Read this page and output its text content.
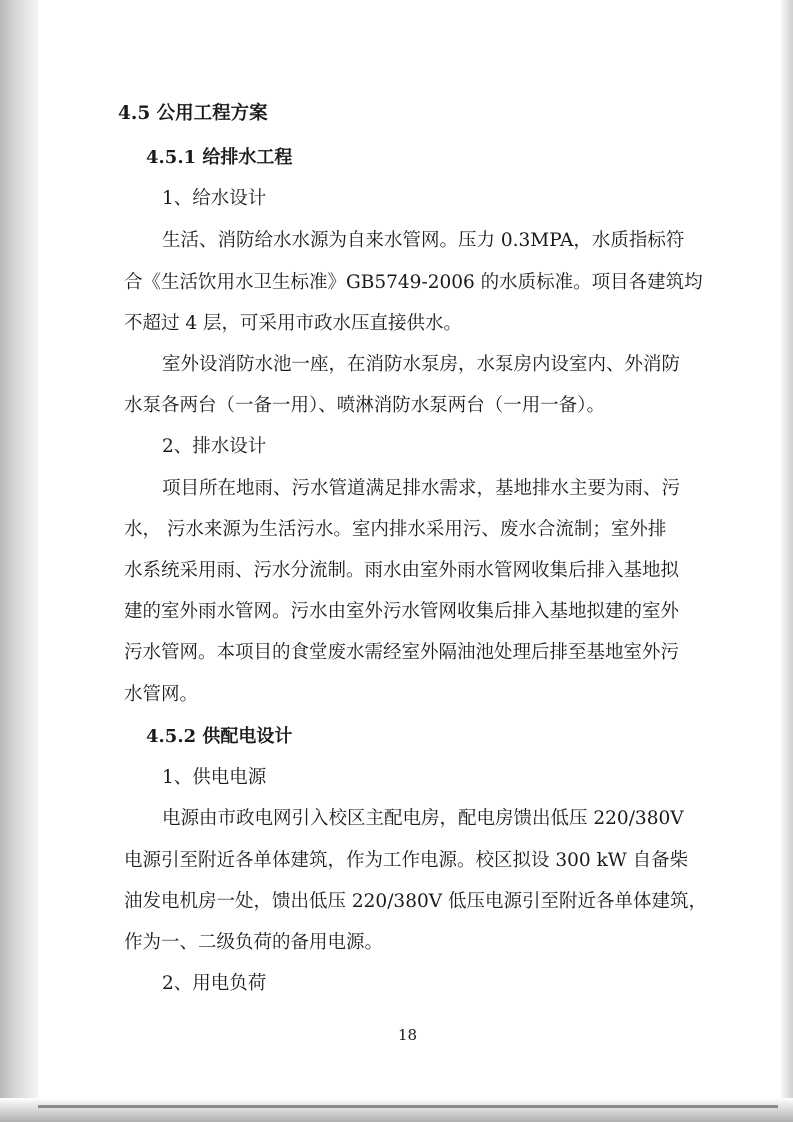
4.5 公用工程方案
4.5.1 给排水工程
1、给水设计
生活、消防给水水源为自来水管网。压力 0.3MPA，水质指标符
合《生活饮用水卫生标准》GB5749-2006 的水质标准。项目各建筑均
不超过 4 层，可采用市政水压直接供水。
室外设消防水池一座，在消防水泵房，水泵房内设室内、外消防
水泵各两台（一备一用）、喷淋消防水泵两台（一用一备）。
2、排水设计
项目所在地雨、污水管道满足排水需求，基地排水主要为雨、污
水， 污水来源为生活污水。室内排水采用污、废水合流制；室外排
水系统采用雨、污水分流制。雨水由室外雨水管网收集后排入基地拟
建的室外雨水管网。污水由室外污水管网收集后排入基地拟建的室外
污水管网。本项目的食堂废水需经室外隔油池处理后排至基地室外污
水管网。
4.5.2 供配电设计
1、供电电源
电源由市政电网引入校区主配电房，配电房馈出低压 220/380V
电源引至附近各单体建筑，作为工作电源。校区拟设 300 kW 自备柴
油发电机房一处，馈出低压 220/380V 低压电源引至附近各单体建筑，
作为一、二级负荷的备用电源。
2、用电负荷
18
